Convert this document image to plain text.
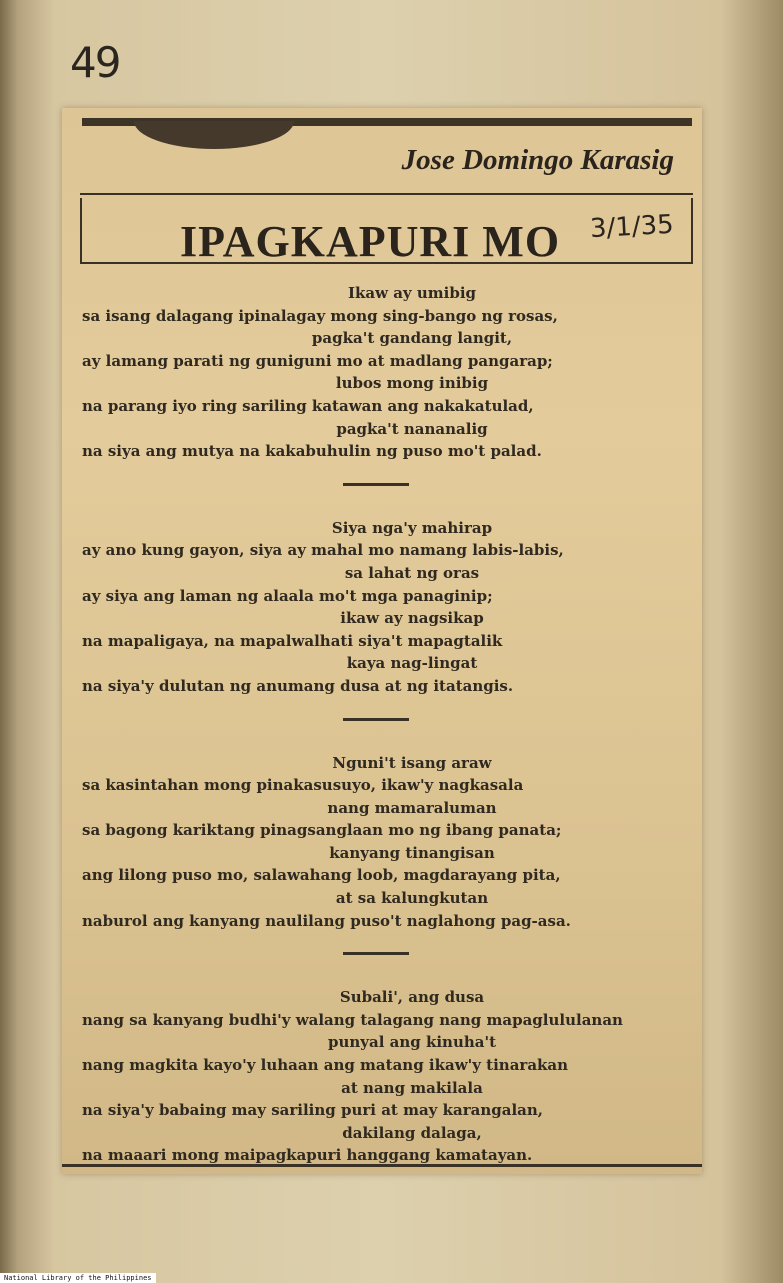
49
Jose Domingo Karasig
IPAGKAPURI MO 3/1/35
Ikaw ay umibig
sa isang dalagang ipinalagay mong sing-bango ng rosas,
pagka't gandang langit,
ay lamang parati ng guniguni mo at madlang pangarap;
lubos mong inibig
na parang iyo ring sariling katawan ang nakakatulad,
pagka't nananalig
na siya ang mutya na kakabuhulin ng puso mo't palad.
Siya nga'y mahirap
ay ano kung gayon, siya ay mahal mo namang labis-labis,
sa lahat ng oras
ay siya ang laman ng alaala mo't mga panaginip;
ikaw ay nagsikap
na mapaligaya, na mapalwalhati siya't mapagtalik
kaya nag-lingat
na siya'y dulutan ng anumang dusa at ng itatangis.
Nguni't isang araw
sa kasintahan mong pinakasusuyo, ikaw'y nagkasala
nang mamaraluman
sa bagong kariktang pinagsanglaan mo ng ibang panata;
kanyang tinangisan
ang lilong puso mo, salawahang loob, magdarayang pita,
at sa kalungkutan
naburol ang kanyang naulilang puso't naglahong pag-asa.
Subali', ang dusa
nang sa kanyang budhi'y walang talagang nang mapaglululanan
punyal ang kinuha't
nang magkita kayo'y luhaan ang matang ikaw'y tinarakan
at nang makilala
na siya'y babaing may sariling puri at may karangalan,
dakilang dalaga,
na maaari mong maipagkapuri hanggang kamatayan.
National Library of the Philippines
